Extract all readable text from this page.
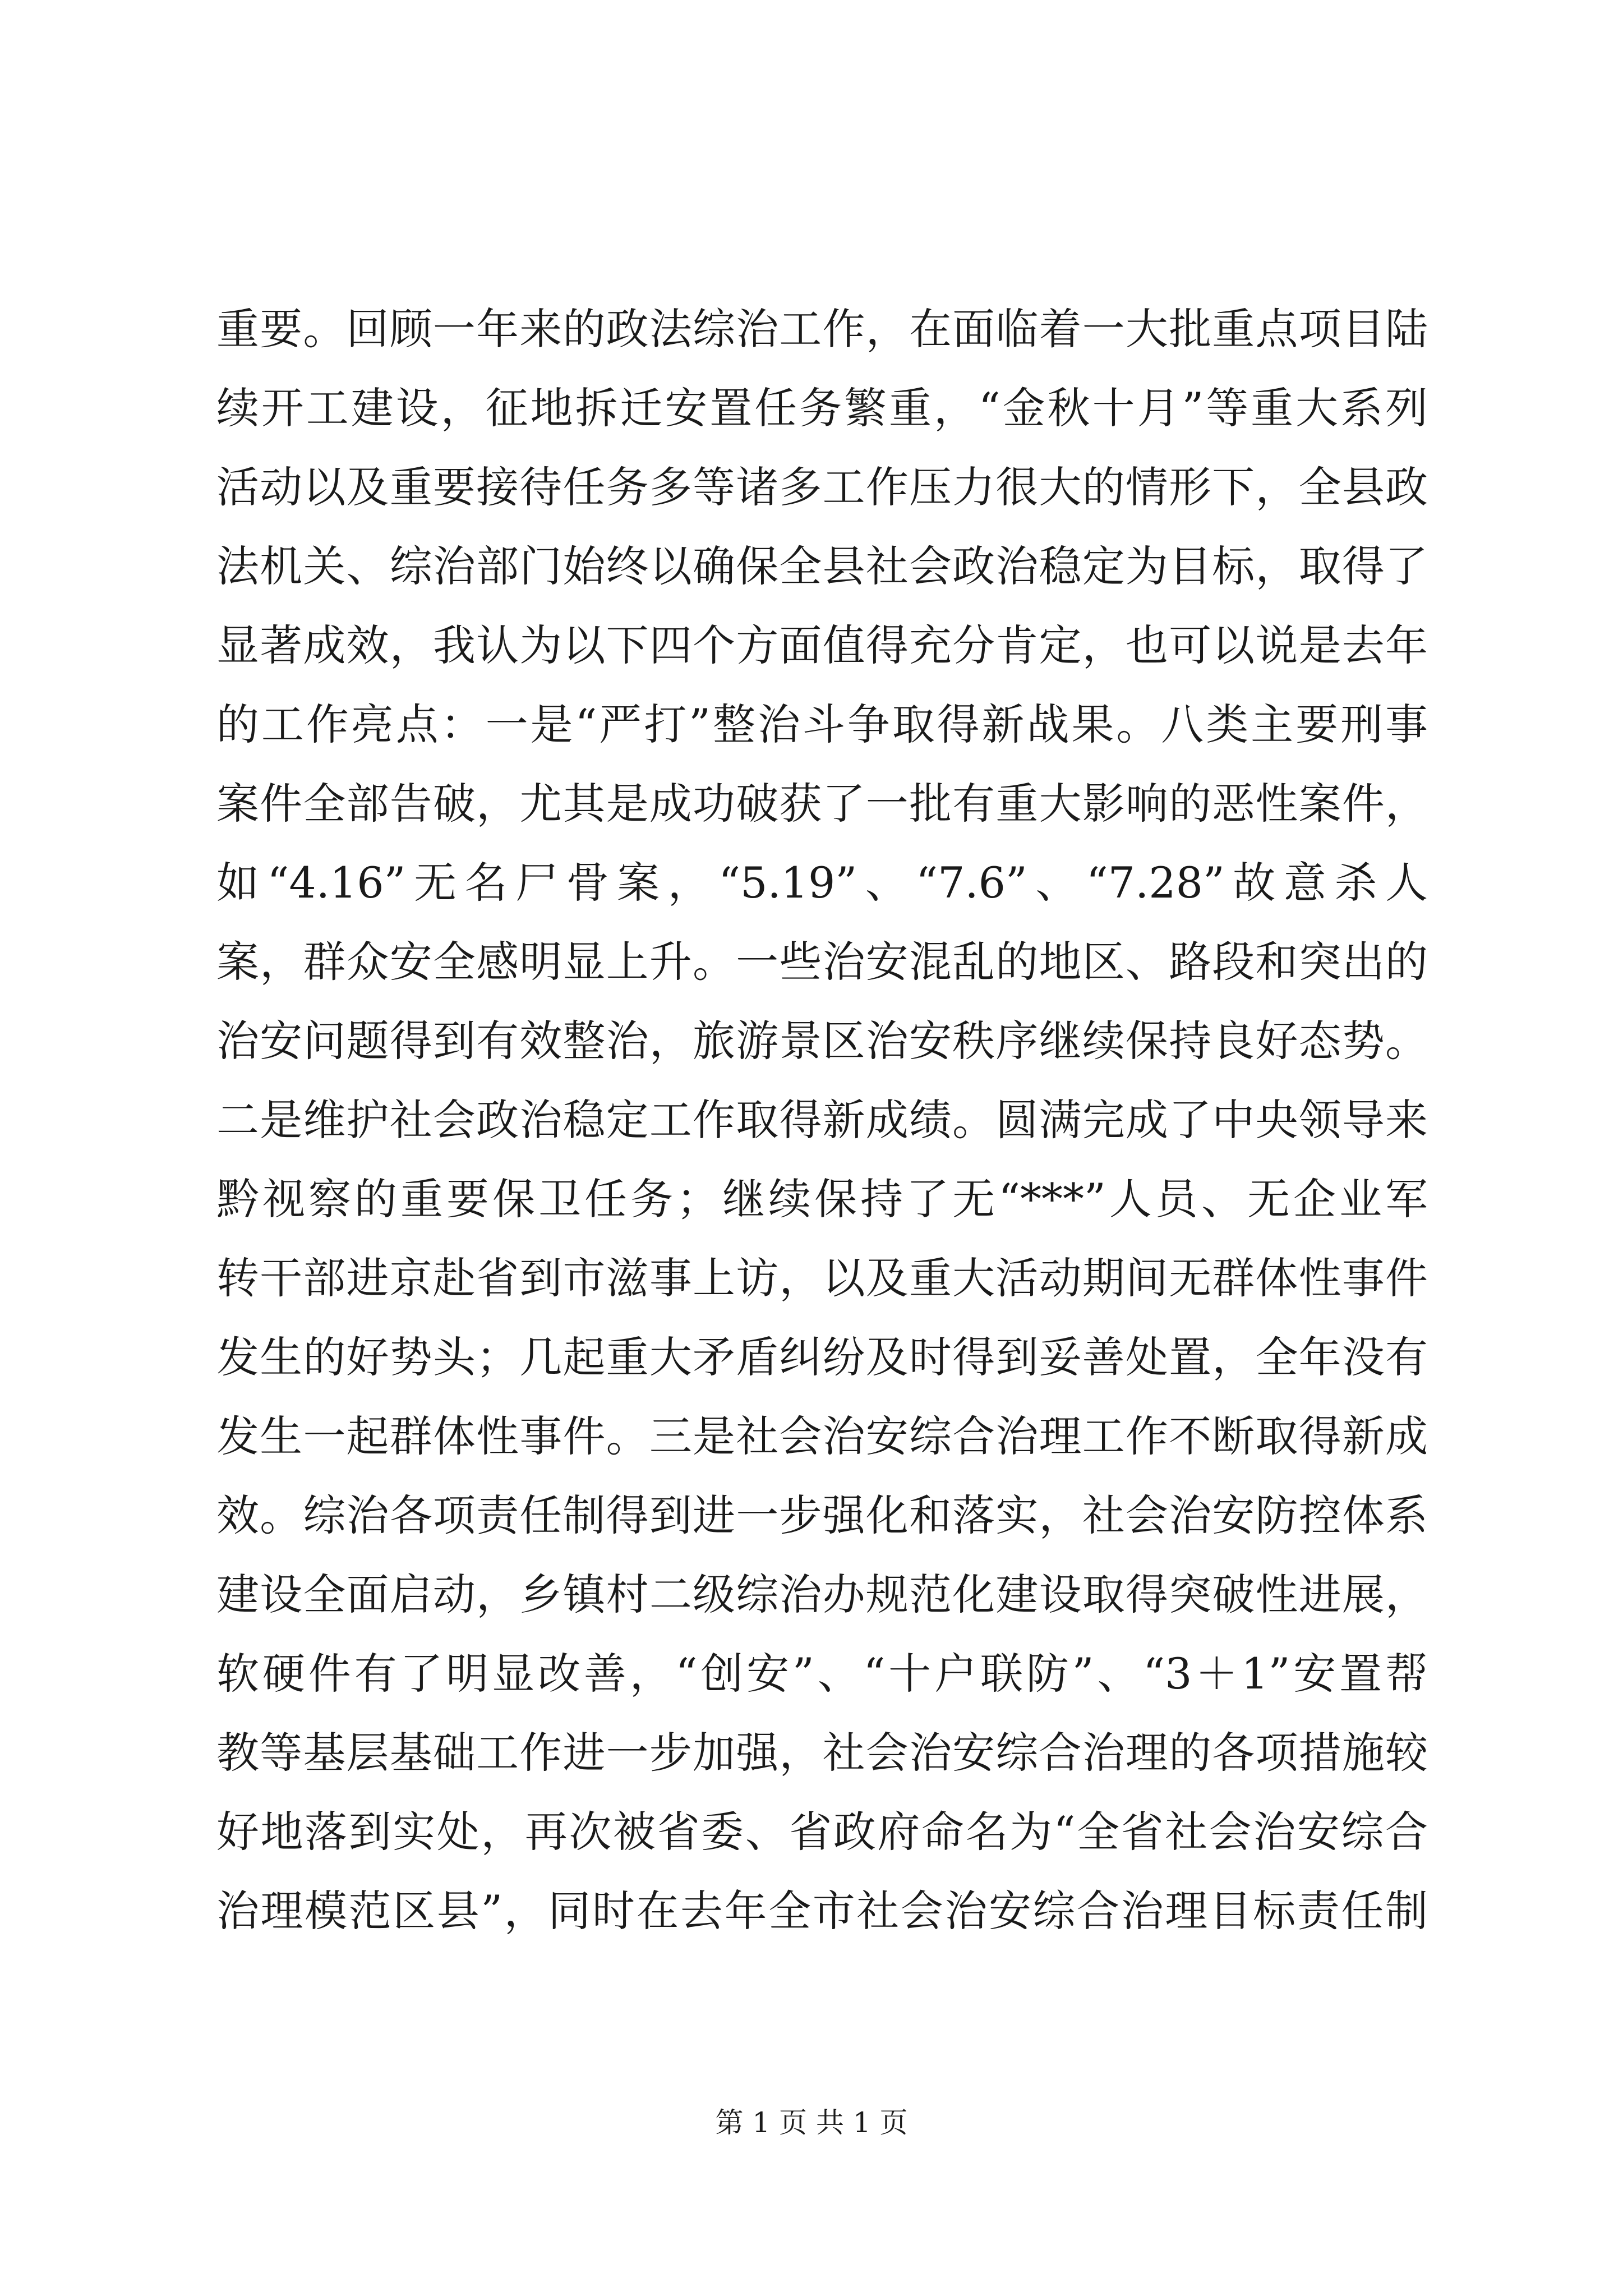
重要。回顾一年来的政法综治工作，在面临着一大批重点项目陆
续开工建设，征地拆迁安置任务繁重，“金秋十月”等重大系列
活动以及重要接待任务多等诸多工作压力很大的情形下，全县政
法机关、综治部门始终以确保全县社会政治稳定为目标，取得了
显著成效，我认为以下四个方面值得充分肯定，也可以说是去年
的工作亮点：一是“严打”整治斗争取得新战果。八类主要刑事
案件全部告破，尤其是成功破获了一批有重大影响的恶性案件，
如“4.16”无名尸骨案，“5.19”、“7.6”、“7.28”故意杀人
案，群众安全感明显上升。一些治安混乱的地区、路段和突出的
治安问题得到有效整治，旅游景区治安秩序继续保持良好态势。
二是维护社会政治稳定工作取得新成绩。圆满完成了中央领导来
黔视察的重要保卫任务；继续保持了无“***”人员、无企业军
转干部进京赴省到市滋事上访，以及重大活动期间无群体性事件
发生的好势头；几起重大矛盾纠纷及时得到妥善处置，全年没有
发生一起群体性事件。三是社会治安综合治理工作不断取得新成
效。综治各项责任制得到进一步强化和落实，社会治安防控体系
建设全面启动，乡镇村二级综治办规范化建设取得突破性进展，
软硬件有了明显改善，“创安”、“十户联防”、“3＋1”安置帮
教等基层基础工作进一步加强，社会治安综合治理的各项措施较
好地落到实处，再次被省委、省政府命名为“全省社会治安综合
治理模范区县”，同时在去年全市社会治安综合治理目标责任制
第 1 页 共 1 页
